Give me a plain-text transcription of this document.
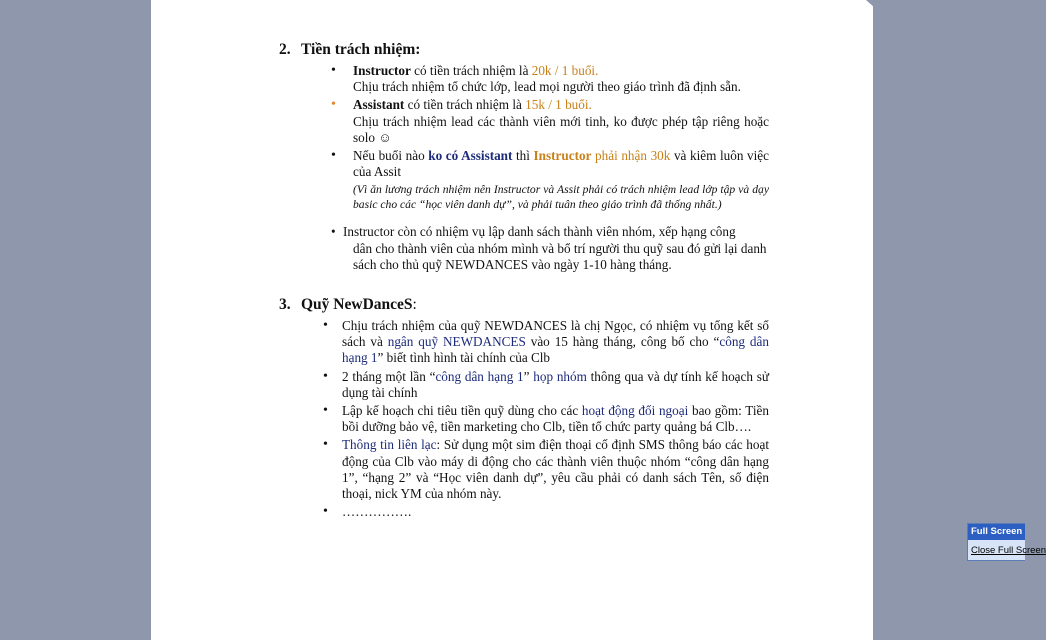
2. Tiền trách nhiệm:
• Instructor có tiền trách nhiệm là 20k / 1 buổi.
Chịu trách nhiệm tổ chức lớp, lead mọi người theo giáo trình đã định sẵn.
• Assistant có tiền trách nhiệm là 15k / 1 buổi.
Chịu trách nhiệm lead các thành viên mới tinh, ko được phép tập riêng hoặc solo ☺
• Nếu buổi nào ko có Assistant thì Instructor phải nhận 30k và kiêm luôn việc của Assit
(Vì ăn lương trách nhiệm nên Instructor và Assit phải có trách nhiệm lead lớp tập và dạy basic cho các “học viên danh dự”, và phải tuân theo giáo trình đã thống nhất.)
• Instructor còn có nhiệm vụ lập danh sách thành viên nhóm, xếp hạng công
dân cho thành viên của nhóm mình và bổ trí người thu quỹ sau đó gửi lại danh sách cho thủ quỹ NEWDANCES vào ngày 1-10 hàng tháng.
3. Quỹ NewDanceS:
• Chịu trách nhiệm của quỹ NEWDANCES là chị Ngọc, có nhiệm vụ tổng kết sổ sách và ngân quỹ NEWDANCES vào 15 hàng tháng, công bố cho “công dân hạng 1” biết tình hình tài chính của Clb
• 2 tháng một lần “công dân hạng 1” họp nhóm thông qua và dự tính kế hoạch sử dụng tài chính
• Lập kế hoạch chi tiêu tiền quỹ dùng cho các hoạt động đối ngoại bao gồm: Tiền bồi dưỡng bảo vệ, tiền marketing cho Clb, tiền tổ chức party quảng bá Clb….
• Thông tin liên lạc: Sử dụng một sim điện thoại cố định SMS thông báo các hoạt động của Clb vào máy di động cho các thành viên thuộc nhóm “công dân hạng 1”, “hạng 2” và “Học viên danh dự”, yêu cầu phải có danh sách Tên, số điện thoại, nick YM của nhóm này.
• …………….
Full Screen
Close Full Screen
